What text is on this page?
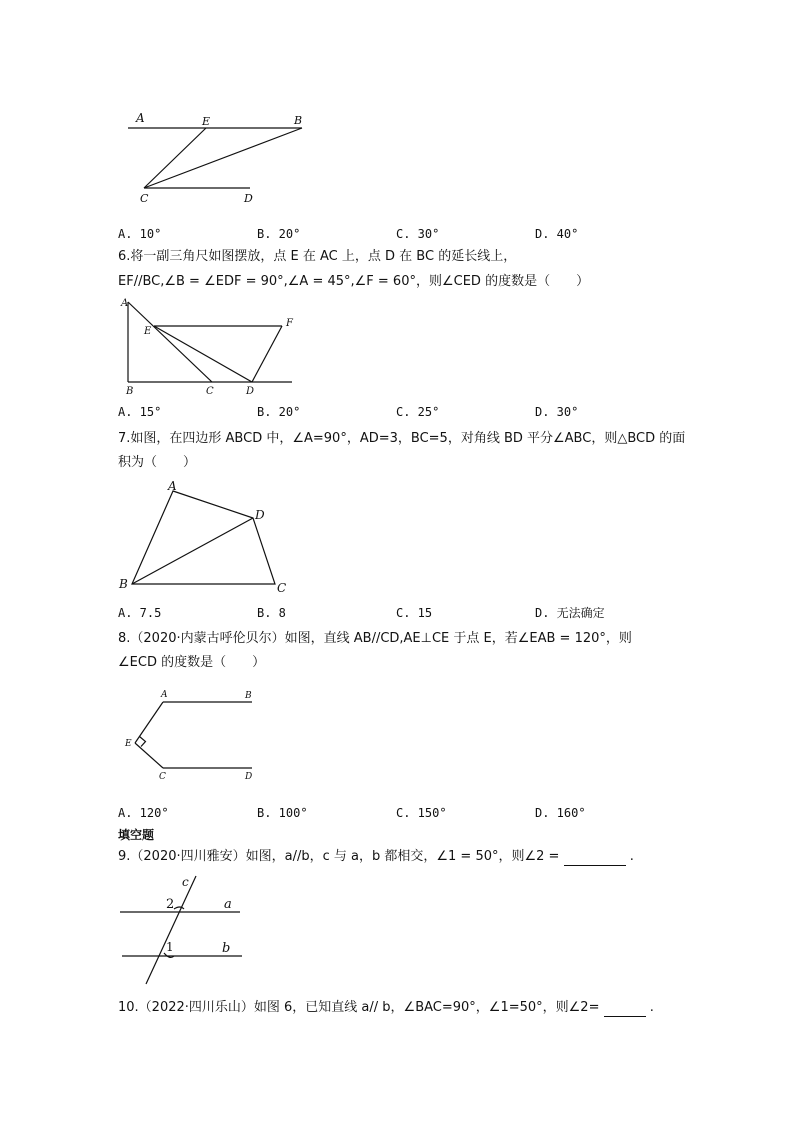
A	E	B
C	D
A. 10°	B. 20°	C. 30°	D. 40°
6.将一副三角尺如图摆放，点 E 在 AC 上，点 D 在 BC 的延长线上，
EF//BC,∠B = ∠EDF = 90°,∠A = 45°,∠F = 60°，则∠CED 的度数是（　　）
A
E
F
B	C	D
A. 15°	B. 20°	C. 25°	D. 30°
7.如图，在四边形 ABCD 中，∠A=90°，AD=3，BC=5，对角线 BD 平分∠ABC，则△BCD 的面
积为（　　）
A
D
B	C
A. 7.5	B. 8	C. 15	D. 无法确定
8.（2020·内蒙古呼伦贝尔）如图，直线 AB//CD,AE⊥CE 于点 E，若∠EAB = 120°，则
∠ECD 的度数是（　　）
A	B
E
C	D
A. 120°	B. 100°	C. 150°	D. 160°
填空题
9.（2020·四川雅安）如图，a//b，c 与 a，b 都相交，∠1 = 50°，则∠2 =	.
c
2	a
1	b
10.（2022·四川乐山）如图 6，已知直线 a// b，∠BAC=90°，∠1=50°，则∠2=	.
